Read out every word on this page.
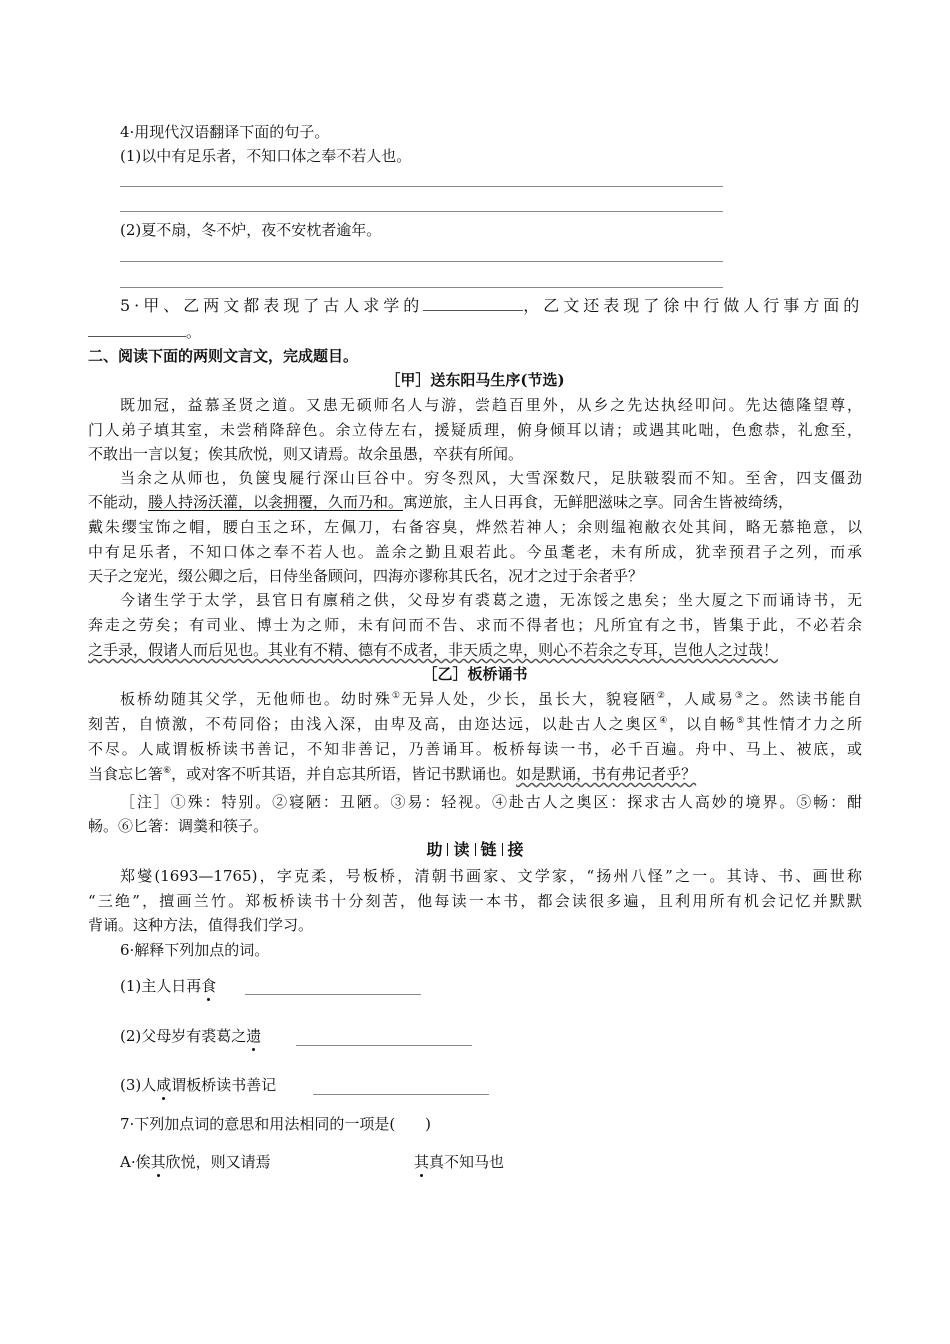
4·用现代汉语翻译下面的句子。
(1)以中有足乐者，不知口体之奉不若人也。
(2)夏不扇，冬不炉，夜不安枕者逾年。
5·甲、乙两文都表现了古人求学的	，乙文还表现了徐中行做人行事方面的
。
二、阅读下面的两则文言文，完成题目。
［甲］送东阳马生序(节选)
既加冠，益慕圣贤之道。又患无硕师名人与游，尝趋百里外，从乡之先达执经叩问。先达德隆望尊，
门人弟子填其室，未尝稍降辞色。余立侍左右，援疑质理，俯身倾耳以请；或遇其叱咄，色愈恭，礼愈至，
不敢出一言以复；俟其欣悦，则又请焉。故余虽愚，卒获有所闻。
当余之从师也，负箧曳屣行深山巨谷中。穷冬烈风，大雪深数尺，足肤皲裂而不知。至舍，四支僵劲
不能动，媵人持汤沃灌，以衾拥覆，久而乃和。寓逆旅，主人日再食，无鲜肥滋味之享。同舍生皆被绮绣，
戴朱缨宝饰之帽，腰白玉之环，左佩刀，右备容臭，烨然若神人；余则缊袍敝衣处其间，略无慕艳意，以
中有足乐者，不知口体之奉不若人也。盖余之勤且艰若此。今虽耄老，未有所成，犹幸预君子之列，而承
天子之宠光，缀公卿之后，日侍坐备顾问，四海亦谬称其氏名，况才之过于余者乎？
今诸生学于太学，县官日有廪稍之供，父母岁有裘葛之遗，无冻馁之患矣；坐大厦之下而诵诗书，无
奔走之劳矣；有司业、博士为之师，未有问而不告、求而不得者也；凡所宜有之书，皆集于此，不必若余
之手录，假诸人而后见也。其业有不精、德有不成者，非天质之卑，则心不若余之专耳，岂他人之过哉！
［乙］板桥诵书
板桥幼随其父学，无他师也。幼时殊①无异人处，少长，虽长大，貌寝陋②，人咸易③之。然读书能自
刻苦，自愤激，不苟同俗；由浅入深，由卑及高，由迩达远，以赴古人之奥区④，以自畅⑤其性情才力之所
不尽。人咸谓板桥读书善记，不知非善记，乃善诵耳。板桥每读一书，必千百遍。舟中、马上、被底，或
当食忘匕箸⑥，或对客不听其语，并自忘其所语，皆记书默诵也。如是默诵，书有弗记者乎？
［注］①殊：特别。②寝陋：丑陋。③易：轻视。④赴古人之奥区：探求古人高妙的境界。⑤畅：酣
畅。⑥匕箸：调羹和筷子。
助 读 链 接
郑燮(1693—1765)，字克柔，号板桥，清朝书画家、文学家，“扬州八怪”之一。其诗、书、画世称
“三绝”，擅画兰竹。郑板桥读书十分刻苦，他每读一本书，都会读很多遍，且利用所有机会记忆并默默
背诵。这种方法，值得我们学习。
6·解释下列加点的词。
(1)主人日再食
(2)父母岁有裘葛之遗
(3)人咸谓板桥读书善记
7·下列加点词的意思和用法相同的一项是(　　)
A·俟其欣悦，则又请焉	其真不知马也
